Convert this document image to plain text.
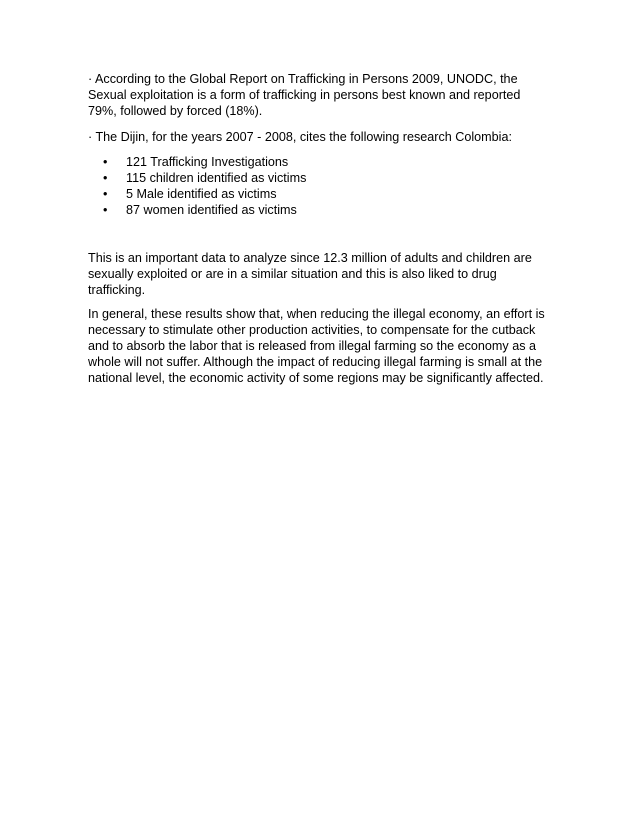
· According to the Global Report on Trafficking in Persons 2009, UNODC, the Sexual exploitation is a form of trafficking in persons best known and reported 79%, followed by forced (18%).

· The Dijin, for the years 2007 - 2008, cites the following research Colombia:

•	121 Trafficking Investigations
•	115 children identified as victims
•	5 Male identified as victims
•	87 women identified as victims

This is an important data to analyze since 12.3 million of adults and children are sexually exploited or are in a similar situation and this is also liked to drug trafficking.

In general, these results show that, when reducing the illegal economy, an effort is necessary to stimulate other production activities, to compensate for the cutback and to absorb the labor that is released from illegal farming so the economy as a whole will not suffer. Although the impact of reducing illegal farming is small at the national level, the economic activity of some regions may be significantly affected.
